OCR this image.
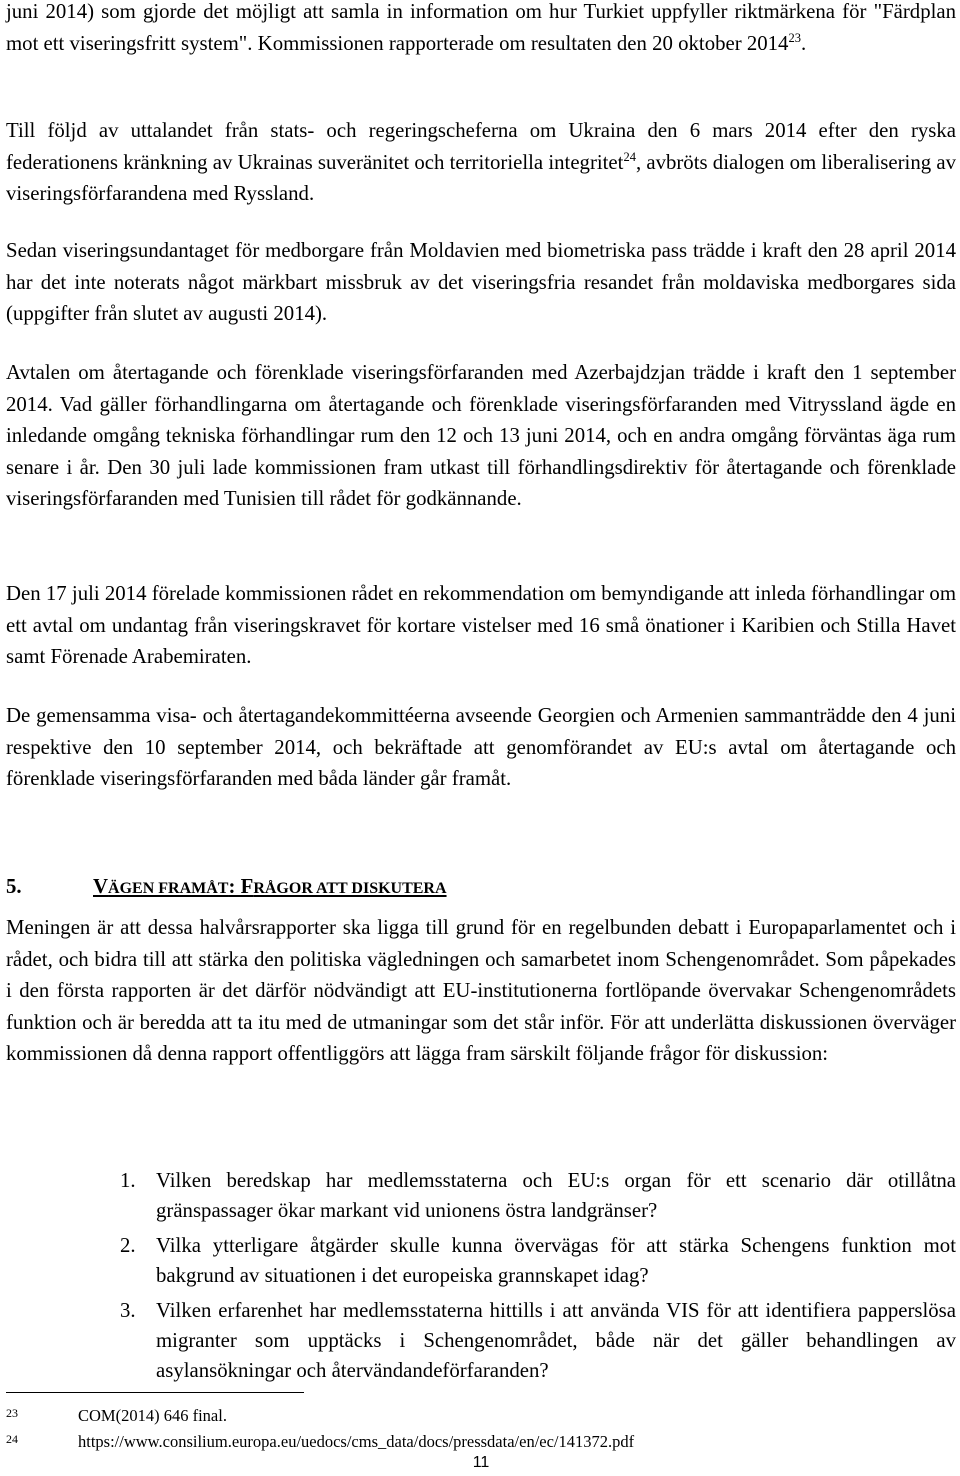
juni 2014) som gjorde det möjligt att samla in information om hur Turkiet uppfyller riktmärkena för "Färdplan mot ett viseringsfritt system". Kommissionen rapporterade om resultaten den 20 oktober 2014$^{23}$.

Till följd av uttalandet från stats- och regeringscheferna om Ukraina den 6 mars 2014 efter den ryska federationens kränkning av Ukrainas suveränitet och territoriella integritet$^{24}$, avbröts dialogen om liberalisering av viseringsförfarandena med Ryssland.

Sedan viseringsundantaget för medborgare från Moldavien med biometriska pass trädde i kraft den 28 april 2014 har det inte noterats något märkbart missbruk av det viseringsfria resandet från moldaviska medborgares sida (uppgifter från slutet av augusti 2014).

Avtalen om återtagande och förenklade viseringsförfaranden med Azerbajdzjan trädde i kraft den 1 september 2014. Vad gäller förhandlingarna om återtagande och förenklade viseringsförfaranden med Vitryssland ägde en inledande omgång tekniska förhandlingar rum den 12 och 13 juni 2014, och en andra omgång förväntas äga rum senare i år. Den 30 juli lade kommissionen fram utkast till förhandlingsdirektiv för återtagande och förenklade viseringsförfaranden med Tunisien till rådet för godkännande.

Den 17 juli 2014 förelade kommissionen rådet en rekommendation om bemyndigande att inleda förhandlingar om ett avtal om undantag från viseringskravet för kortare vistelser med 16 små önationer i Karibien och Stilla Havet samt Förenade Arabemiraten.

De gemensamma visa- och återtagandekommittéerna avseende Georgien och Armenien sammanträdde den 4 juni respektive den 10 september 2014, och bekräftade att genomförandet av EU:s avtal om återtagande och förenklade viseringsförfaranden med båda länder går framåt.

5.	VÄGEN FRAMÅT: FRÅGOR ATT DISKUTERA

Meningen är att dessa halvårsrapporter ska ligga till grund för en regelbunden debatt i Europaparlamentet och i rådet, och bidra till att stärka den politiska vägledningen och samarbetet inom Schengenområdet. Som påpekades i den första rapporten är det därför nödvändigt att EU-institutionerna fortlöpande övervakar Schengenområdets funktion och är beredda att ta itu med de utmaningar som det står inför. För att underlätta diskussionen överväger kommissionen då denna rapport offentliggörs att lägga fram särskilt följande frågor för diskussion:

1. Vilken beredskap har medlemsstaterna och EU:s organ för ett scenario där otillåtna gränspassager ökar markant vid unionens östra landgränser?
2. Vilka ytterligare åtgärder skulle kunna övervägas för att stärka Schengens funktion mot bakgrund av situationen i det europeiska grannskapet idag?
3. Vilken erfarenhet har medlemsstaterna hittills i att använda VIS för att identifiera papperslösa migranter som upptäcks i Schengenområdet, både när det gäller behandlingen av asylansökningar och återvändandeförfaranden?
23	COM(2014) 646 final.
24	https://www.consilium.europa.eu/uedocs/cms_data/docs/pressdata/en/ec/141372.pdf
11
